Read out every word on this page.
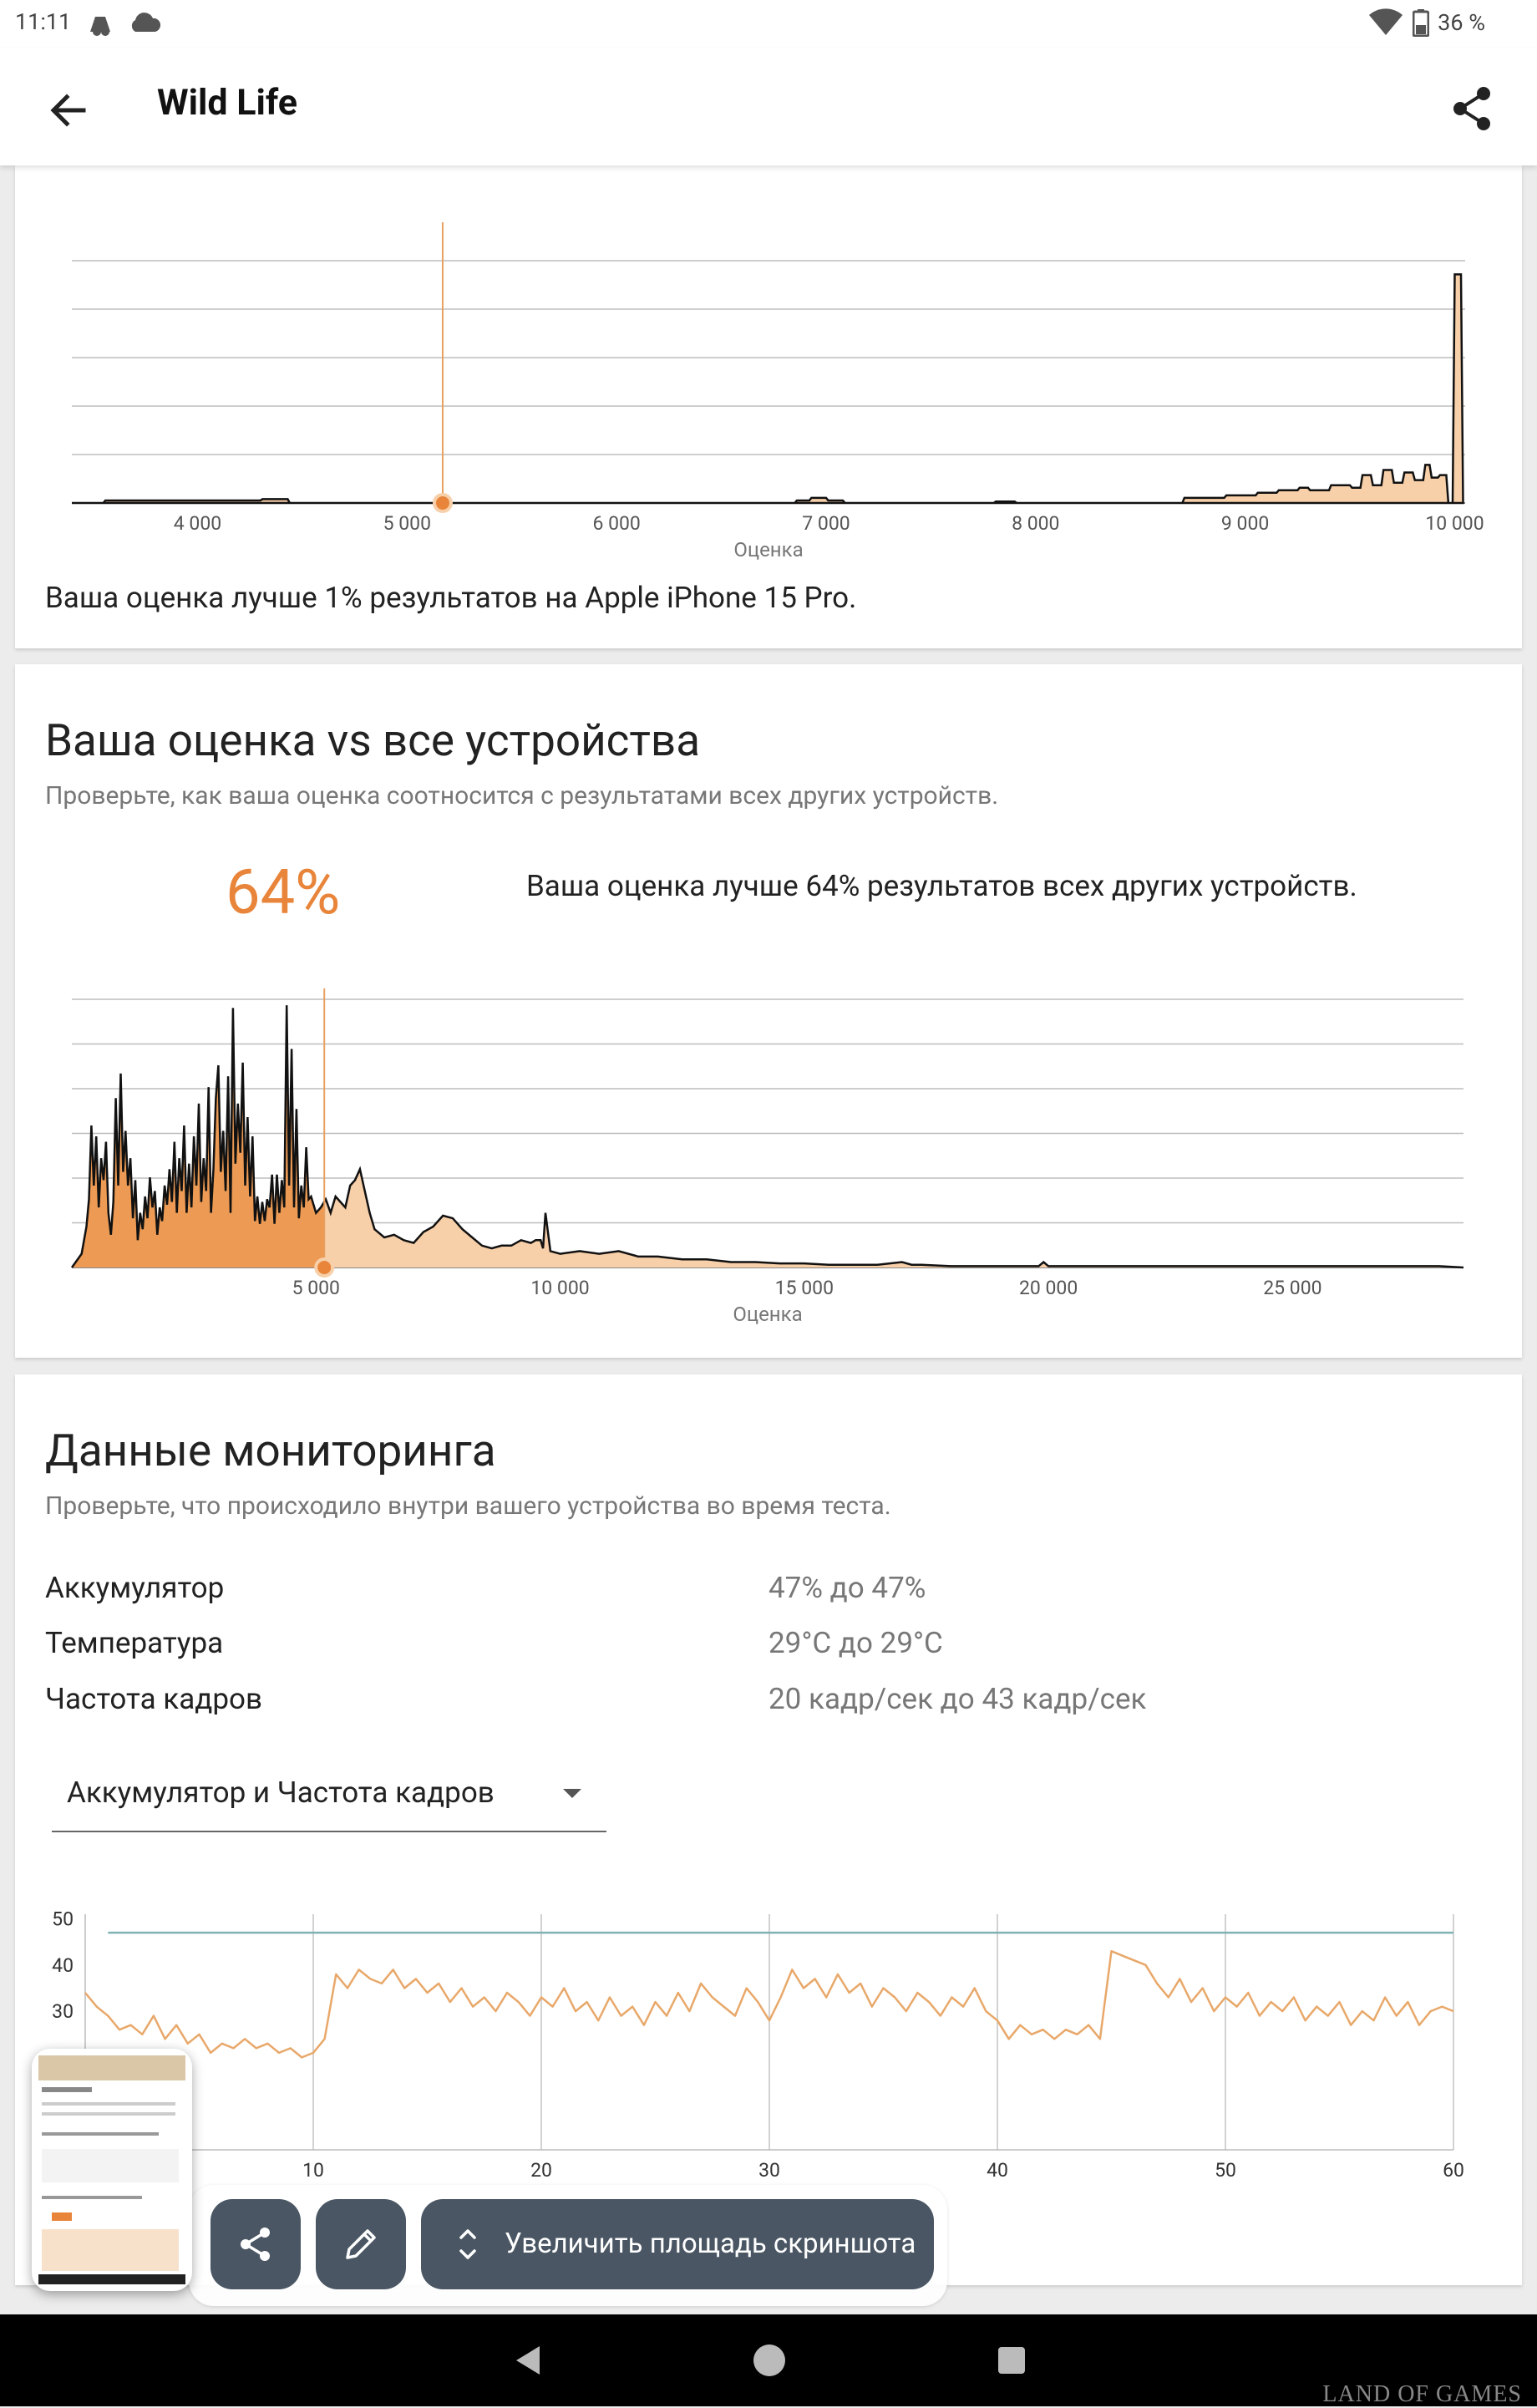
11:11	36 %
Wild Life
4 000	5 000	6 000	7 000	8 000	9 000	10 000
Оценка
Ваша оценка лучше 1% результатов на Apple iPhone 15 Pro.
Ваша оценка vs все устройства
Проверьте, как ваша оценка соотносится с результатами всех других устройств.
64%	Ваша оценка лучше 64% результатов всех других устройств.
5 000	10 000	15 000	20 000	25 000
Оценка
Данные мониторинга
Проверьте, что происходило внутри вашего устройства во время теста.
Аккумулятор	47% до 47%
Температура	29°C до 29°C
Частота кадров	20 кадр/сек до 43 кадр/сек
Аккумулятор и Частота кадров
50
40
30
10	20	30	40	50	60
Увеличить площадь скриншота
LAND OF GAMES
